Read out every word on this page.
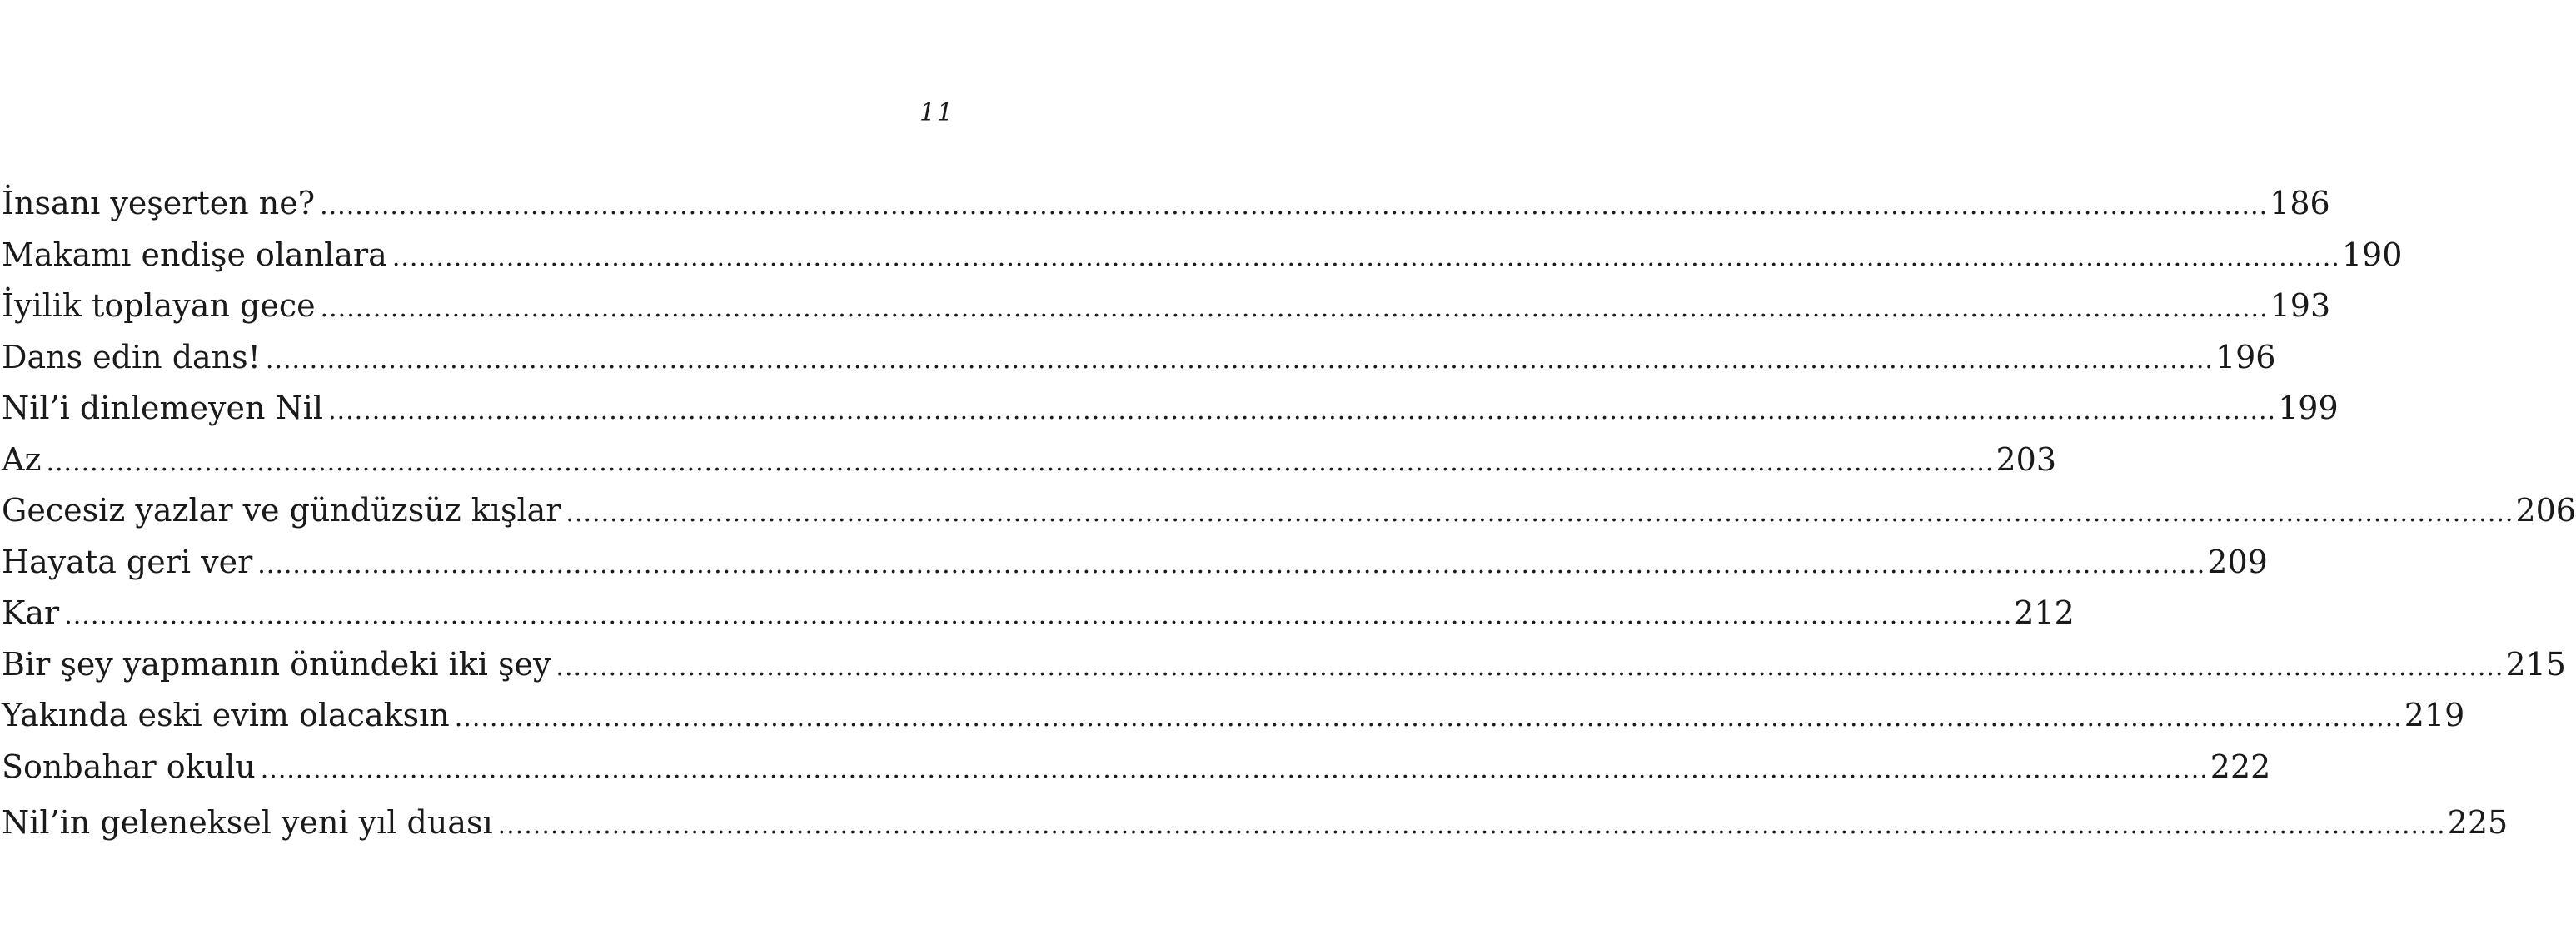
11
İnsanı yeşerten ne? .....	186
Makamı endişe olanlara .....	190
İyilik toplayan gece .....	193
Dans edin dans! .....	196
Nil’i dinlemeyen Nil .....	199
Az .....	203
Gecesiz yazlar ve gündüzsüz kışlar .....	206
Hayata geri ver .....	209
Kar .....	212
Bir şey yapmanın önündeki iki şey .....	215
Yakında eski evim olacaksın .....	219
Sonbahar okulu .....	222
Nil’in geleneksel yeni yıl duası .....	225
